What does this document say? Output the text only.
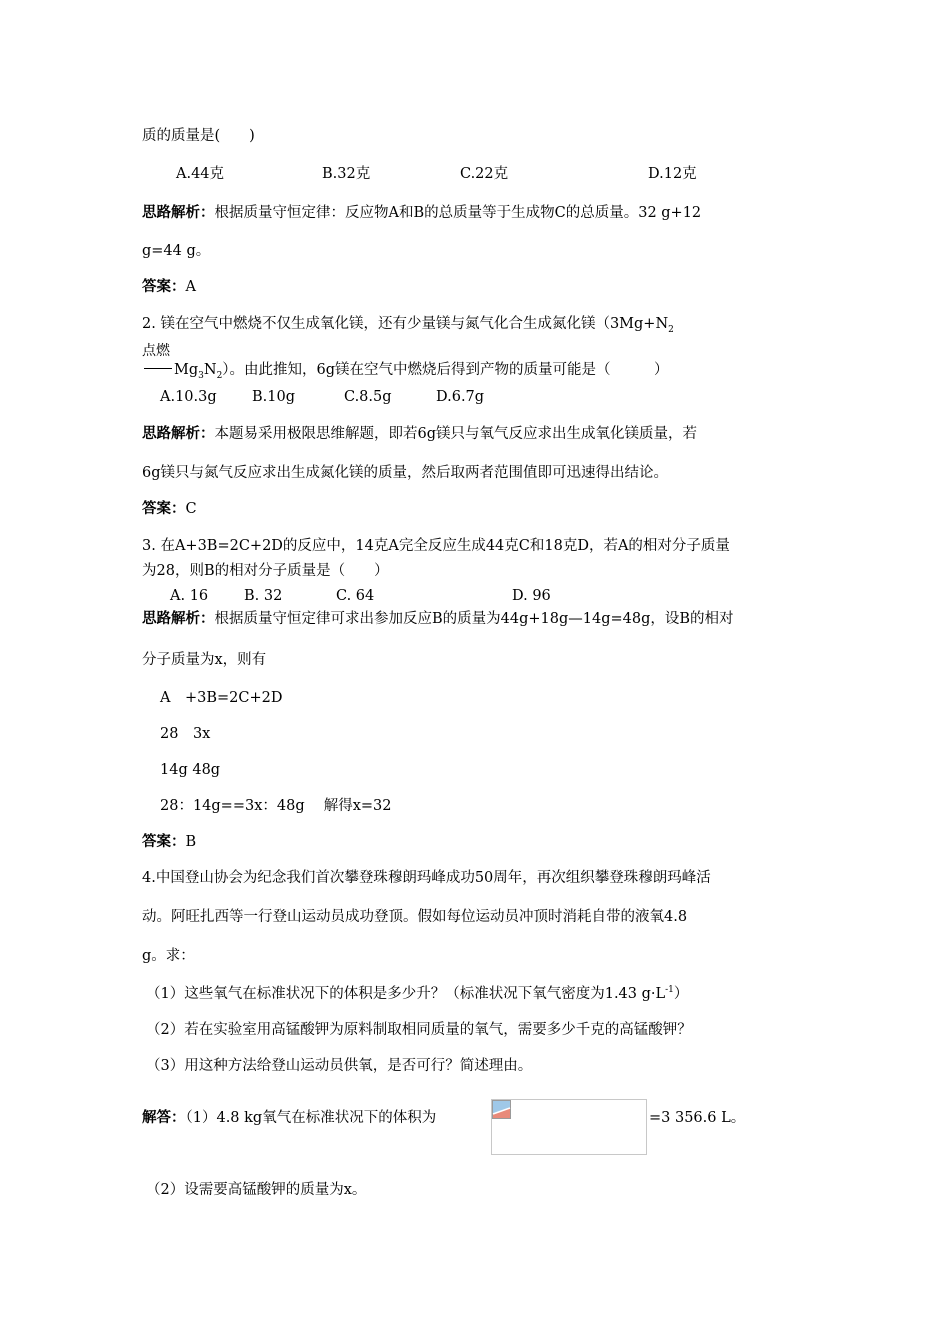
质的质量是(　　)
A.44克	B.32克	C.22克	D.12克
思路解析：根据质量守恒定律：反应物A和B的总质量等于生成物C的总质量。32 g+12
g=44 g。
答案：A
2. 镁在空气中燃烧不仅生成氧化镁，还有少量镁与氮气化合生成氮化镁（$3Mg+N_2$
点燃
$Mg_3N_2$）。由此推知，6g镁在空气中燃烧后得到产物的质量可能是（　　　）
A.10.3g B.10g	C.8.5g	D.6.7g
思路解析：本题易采用极限思维解题，即若6g镁只与氧气反应求出生成氧化镁质量，若
6g镁只与氮气反应求出生成氮化镁的质量，然后取两者范围值即可迅速得出结论。
答案：C
3. 在A+3B=2C+2D的反应中，14克A完全反应生成44克C和18克D，若A的相对分子质量
为28，则B的相对分子质量是（　　）
A. 16 B. 32	C. 64	D. 96
思路解析：根据质量守恒定律可求出参加反应B的质量为44g+18g—14g=48g，设B的相对
分子质量为x，则有
A　+3B=2C+2D
28　3x
14g 48g
28：14g==3x：48g　 解得x=32
答案：B
4.中国登山协会为纪念我们首次攀登珠穆朗玛峰成功50周年，再次组织攀登珠穆朗玛峰活
动。阿旺扎西等一行登山运动员成功登顶。假如每位运动员冲顶时消耗自带的液氧4.8
g。求：
（1）这些氧气在标准状况下的体积是多少升？（标准状况下氧气密度为1.43 $g\cdot L^{-1}$）
（2）若在实验室用高锰酸钾为原料制取相同质量的氧气，需要多少千克的高锰酸钾？
（3）用这种方法给登山运动员供氧，是否可行？简述理由。
解答：（1）4.8 kg氧气在标准状况下的体积为	=3 356.6 L。
（2）设需要高锰酸钾的质量为x。
